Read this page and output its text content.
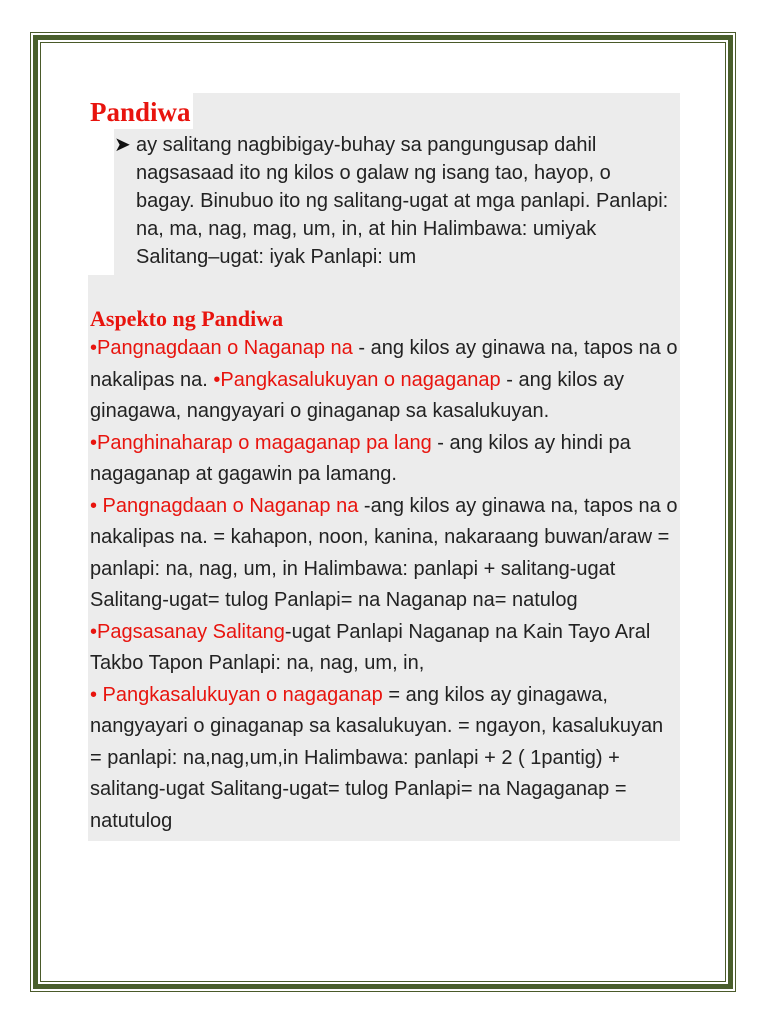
Pandiwa
➤ ay salitang nagbibigay-buhay sa pangungusap dahil nagsasaad ito ng kilos o galaw ng isang tao, hayop, o bagay. Binubuo ito ng salitang-ugat at mga panlapi. Panlapi: na, ma, nag, mag, um, in, at hin Halimbawa: umiyak Salitang–ugat: iyak Panlapi: um
Aspekto ng Pandiwa

•Pangnagdaan o Naganap na - ang kilos ay ginawa na, tapos na o nakalipas na. •Pangkasalukuyan o nagaganap - ang kilos ay ginagawa, nangyayari o ginaganap sa kasalukuyan.

•Panghinaharap o magaganap pa lang - ang kilos ay hindi pa nagaganap at gagawin pa lamang.

• Pangnagdaan o Naganap na -ang kilos ay ginawa na, tapos na o nakalipas na. = kahapon, noon, kanina, nakaraang buwan/araw = panlapi: na, nag, um, in Halimbawa: panlapi + salitang-ugat Salitang-ugat= tulog Panlapi= na Naganap na= natulog

•Pagsasanay Salitang-ugat Panlapi Naganap na Kain Tayo Aral Takbo Tapon Panlapi: na, nag, um, in,

• Pangkasalukuyan o nagaganap = ang kilos ay ginagawa, nangyayari o ginaganap sa kasalukuyan. = ngayon, kasalukuyan = panlapi: na,nag,um,in Halimbawa: panlapi + 2 ( 1pantig) + salitang-ugat Salitang-ugat= tulog Panlapi= na Nagaganap = natutulog
